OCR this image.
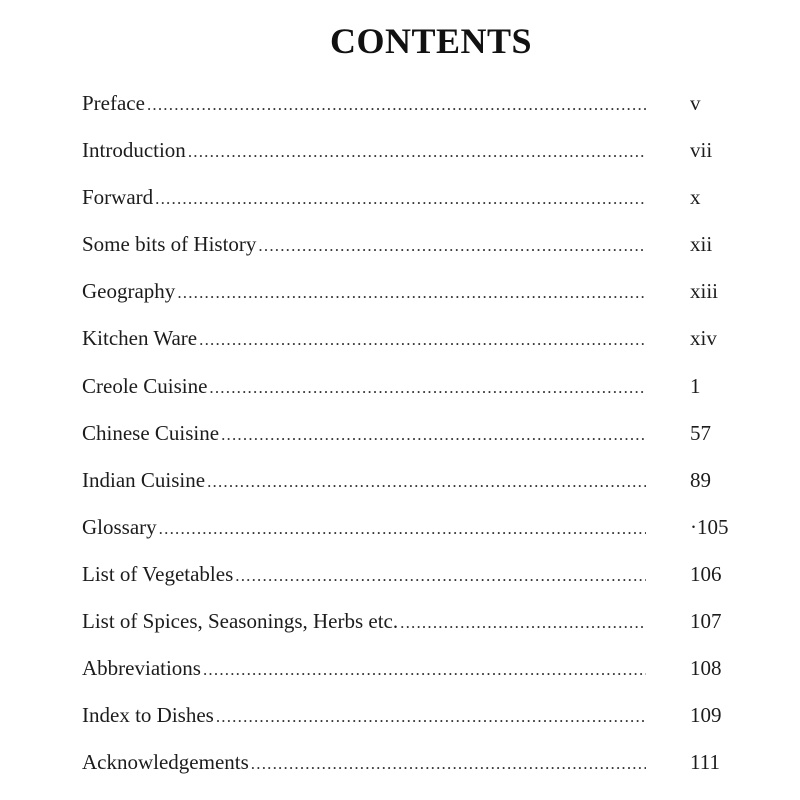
CONTENTS
Preface .....	v
Introduction .....	vii
Forward .....	x
Some bits of History .....	xii
Geography .....	xiii
Kitchen Ware .....	xiv
Creole Cuisine .....	1
Chinese Cuisine .....	57
Indian Cuisine .....	89
Glossary .....	·105
List of Vegetables .....	106
List of Spices, Seasonings, Herbs etc. .....	107
Abbreviations .....	108
Index to Dishes .....	109
Acknowledgements .....	111
